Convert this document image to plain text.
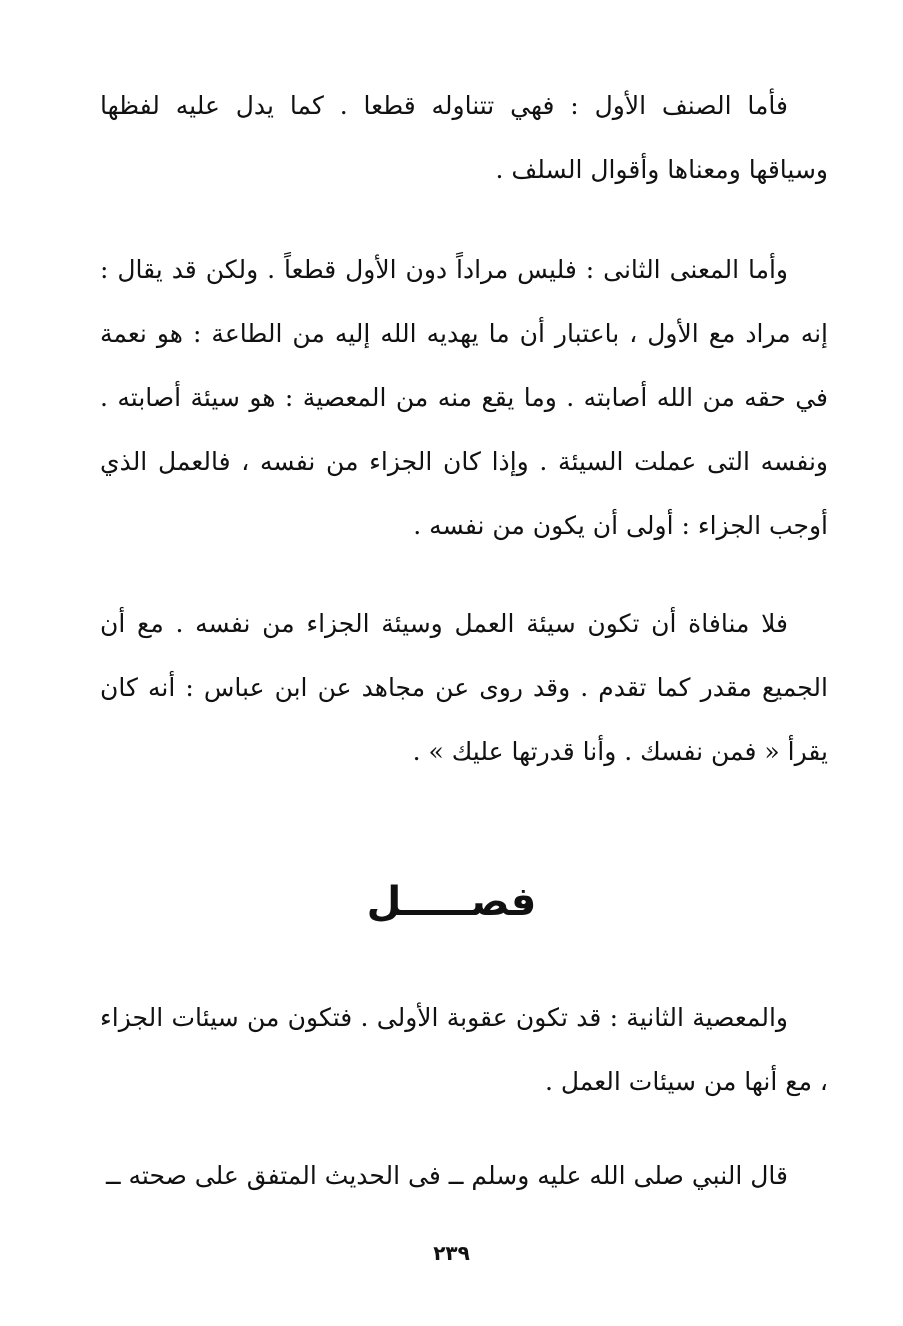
فأما الصنف الأول : فهي تتناوله قطعا . كما يدل عليه لفظها وسياقها ومعناها وأقوال السلف .

وأما المعنى الثانى : فليس مراداً دون الأول قطعاً . ولكن قد يقال : إنه مراد مع الأول ، باعتبار أن ما يهديه الله إليه من الطاعة : هو نعمة في حقه من الله أصابته . وما يقع منه من المعصية : هو سيئة أصابته . ونفسه التى عملت السيئة . وإذا كان الجزاء من نفسه ، فالعمل الذي أوجب الجزاء : أولى أن يكون من نفسه .

فلا منافاة أن تكون سيئة العمل وسيئة الجزاء من نفسه . مع أن الجميع مقدر كما تقدم . وقد روى عن مجاهد عن ابن عباس : أنه كان يقرأ « فمن نفسك . وأنا قدرتها عليك » .

فصـــــل

والمعصية الثانية : قد تكون عقوبة الأولى . فتكون من سيئات الجزاء ، مع أنها من سيئات العمل .

قال النبي صلى الله عليه وسلم ــ فى الحديث المتفق على صحته ــ

٢٣٩
